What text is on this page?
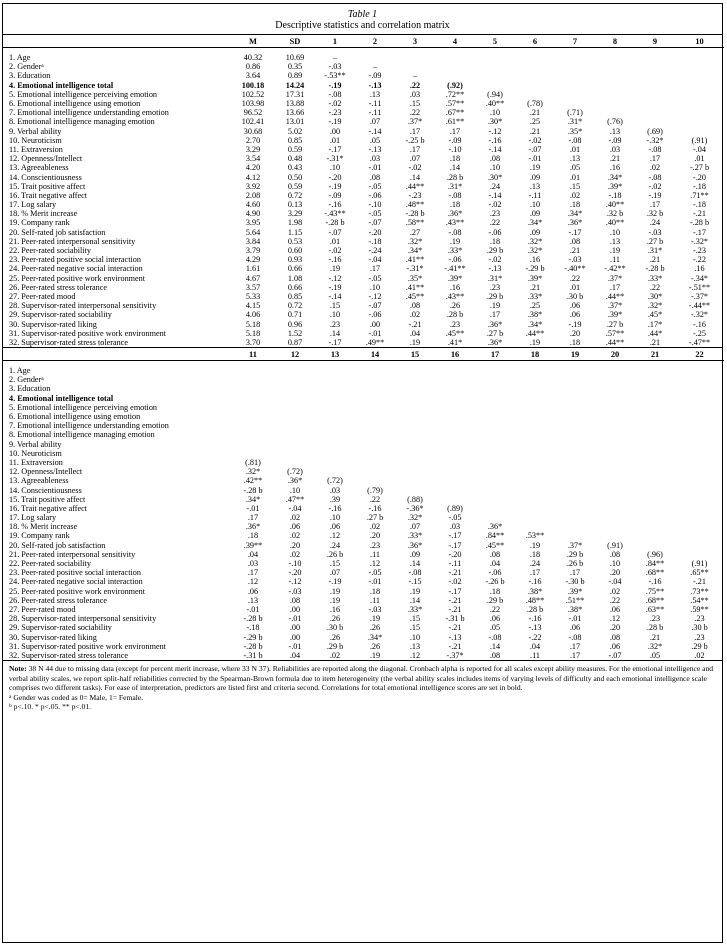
Table 1
Descriptive statistics and correlation matrix
	M	SD	1	2	3	4	5	6	7	8	9	10

1. Age	40.32	10.69	–									
2. Gender$^a$	0.86	0.35	-.03	–								
3. Education	3.64	0.89	-.53**	-.09	–							
4. Emotional intelligence total	100.18	14.24	-.19	-.13	.22	(.92)						
5. Emotional intelligence perceiving emotion	102.52	17.31	-.08	.13	.03	.72**	(.94)					
6. Emotional intelligence using emotion	103.98	13.88	-.02	-.11	.15	.57**	.40**	(.78)				
7. Emotional intelligence understanding emotion	96.52	13.66	-.23	-.11	.22	.67**	.10	.21	(.71)			
8. Emotional intelligence managing emotion	102.41	13.01	-.19	.07	.37*	.61**	.30*	.25	.31*	(.76)		
9. Verbal ability	30.68	5.02	.00	-.14	.17	.17	-.12	.21	.35*	.13	(.69)	
10. Neuroticism	2.70	0.85	.01	.05	-.25 b	-.09	-.16	-.02	-.08	-.09	-.32*	(.91)
11. Extraversion	3.29	0.59	-.17	-.13	.17	-.10	-.14	-.07	.01	.03	-.08	-.04
12. Openness/Intellect	3.54	0.48	-.31*	.03	.07	.18	.08	-.01	.13	.21	.17	.01
13. Agreeableness	4.20	0.43	.10	-.01	-.02	.14	.10	.19	.05	.16	.02	-.27 b
14. Conscientiousness	4.12	0.50	-.20	.08	.14	.28 b	.30*	.09	.01	.34*	-.08	-.20
15. Trait positive affect	3.92	0.59	-.19	-.05	.44**	.31*	.24	.13	.15	.39*	-.02	-.18
16. Trait negative affect	2.08	0.72	-.09	-.06	-.23	-.08	-.14	-.11	.02	-.18	-.19	.71**
17. Log salary	4.60	0.13	-.16	-.10	.48**	.18	-.02	.10	.18	.40**	.17	-.18
18. % Merit increase	4.90	3.29	-.43**	-.05	-.28 b	.36*	.23	.09	.34*	.32 b	.32 b	-.21
19. Company rank	3.95	1.98	-.28 b	-.07	.58**	.43**	.22	.34*	.36*	.40**	.24	-.28 b
20. Self-rated job satisfaction	5.64	1.15	-.07	-.20	.27	-.08	-.06	.09	-.17	.10	-.03	-.17
21. Peer-rated interpersonal sensitivity	3.84	0.53	.01	-.18	.32*	.19	.18	.32*	.08	.13	.27 b	-.32*
22. Peer-rated sociability	3.79	0.60	-.02	-.24	.34*	.33*	.29 b	.32*	.21	.19	.31*	-.23
23. Peer-rated positive social interaction	4.29	0.93	-.16	-.04	.41**	-.06	-.02	.16	-.03	.11	.21	-.22
24. Peer-rated negative social interaction	1.61	0.66	.19	.17	-.31*	-.41**	-.13	-.29 b	-.40**	-.42**	-.28 b	.16
25. Peer-rated positive work environment	4.67	1.08	-.12	-.05	.35*	.39*	.31*	.39*	.22	.37*	.33*	-.34*
26. Peer-rated stress tolerance	3.57	0.66	-.19	.10	.41**	.16	.23	.21	.01	.17	.22	-.51**
27. Peer-rated mood	5.33	0.85	-.14	-.12	.45**	.43**	.29 b	.33*	.30 b	.44**	.30*	-.37*
28. Supervisor-rated interpersonal sensitivity	4.15	0.72	.15	-.07	.08	.26	.19	.25	.06	.37*	.32*	-.44**
29. Supervisor-rated sociability	4.06	0.71	.10	-.06	.02	.28 b	.17	.38*	.06	.39*	.45*	-.32*
30. Supervisor-rated liking	5.18	0.96	.23	.00	-.21	.23	.36*	.34*	-.19	.27 b	.17*	-.16
31. Supervisor-rated positive work environment	5.18	1.52	.14	-.01	.04	.45**	.27 b	.44**	.20	.57**	.44*	-.25
32. Supervisor-rated stress tolerance	3.70	0.87	-.17	.49**	.19	.41*	.36*	.19	.18	.44**	.21	-.47**
	11	12	13	14	15	16	17	18	19	20	21	22

1. Age												
2. Gender$^a$												
3. Education												
4. Emotional intelligence total												
5. Emotional intelligence perceiving emotion												
6. Emotional intelligence using emotion												
7. Emotional intelligence understanding emotion												
8. Emotional intelligence managing emotion												
9. Verbal ability												
10. Neuroticism												
11. Extraversion	(.81)											
12. Openness/Intellect	.32*	(.72)										
13. Agreeableness	.42**	.36*	(.72)									
14. Conscientiousness	-.28 b	.10	.03	(.79)								
15. Trait positive affect	.34*	.47**	.39	.22	(.88)							
16. Trait negative affect	-.01	-.04	-.16	-.16	-.36*	(.89)						
17. Log salary	.17	.02	.10	.27 b	.32*	-.05						
18. % Merit increase	.36*	.06	.06	.02	.07	.03	.36*					
19. Company rank	.18	.02	.12	.20	.33*	-.17	.84**	.53**				
20. Self-rated job satisfaction	.39**	.20	.24	.23	.36*	-.17	.45**	.19	.37*	(.91)		
21. Peer-rated interpersonal sensitivity	.04	.02	.26 b	.11	.09	-.20	.08	.18	.29 b	.08	(.96)	
22. Peer-rated sociability	.03	-.10	.15	.12	.14	-.11	.04	.24	.26 b	.10	.84**	(.91)
23. Peer-rated positive social interaction	.17	-.20	.07	-.05	-.08	-.21	-.06	.17	.17	.20	.68**	.65**
24. Peer-rated negative social interaction	.12	-.12	-.19	-.01	-.15	-.02	-.26 b	-.16	-.30 b	-.04	-.16	-.21
25. Peer-rated positive work environment	.06	-.03	.19	.18	.19	-.17	.18	.38*	.39*	.02	.75**	.73**
26. Peer-rated stress tolerance	.13	.08	.19	.11	.14	-.21	.29 b	.48**	.51**	.22	.68**	.54**
27. Peer-rated mood	-.01	.00	.16	-.03	.33*	-.21	.22	.28 b	.38*	.06	.63**	.59**
28. Supervisor-rated interpersonal sensitivity	-.28 b	-.01	.26	.19	.15	-.31 b	.06	-.16	-.01	.12	.23	.23
29. Supervisor-rated sociability	-.18	.00	.30 b	.26	.15	-.21	.05	-.13	.06	.20	.28 b	.30 b
30. Supervisor-rated liking	-.29 b	.00	.26	.34*	.10	-.13	-.08	-.22	-.08	.08	.21	.23
31. Supervisor-rated positive work environment	-.28 b	-.01	.29 b	.26	.13	-.21	.14	.04	.17	.06	.32*	.29 b
32. Supervisor-rated stress tolerance	-.31 b	.04	.02	.19	.12	-.37*	.08	.11	.17	-.07	.05	.02
Note: 38 N 44 due to missing data (except for percent merit increase, where 33 N 37). Reliabilities are reported along the diagonal. Cronbach alpha is reported for all scales except ability measures. For the emotional intelligence and verbal ability scales, we report split-half reliabilities corrected by the Spearman-Brown formula due to item heterogeneity (the verbal ability scales includes items of varying levels of difficulty and each emotional intelligence scale comprises two different tasks). For ease of interpretation, predictors are listed first and criteria second. Correlations for total emotional intelligence scores are set in bold.
$^a$ Gender was coded as 0= Male, 1= Female.
$^b$ p<.10. * p<.05. ** p<.01.
